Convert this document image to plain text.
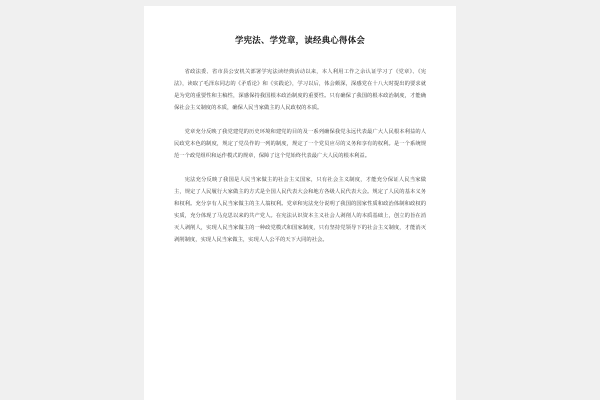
学宪法、学党章，读经典心得体会

省政法委、省市县公安机关部署学宪法读经典活动以来，本人利用工作之余认证学习了《党章》、《宪法》，读取了毛泽东同志的《矛盾论》和《实践论》，学习以后，体会颇深，深感党在十八大时提出的要求就是为党的重要性和主稿性，深感保持我国根本政治制度的重要性。只有确保了我国的根本政治制度，才能确保社会主义制度的本质，确保人民当家做主的人民政权的本质。

党章充分反映了我党建党的历史环境和建党的目的及一系列确保我党永远代表最广大人民根本利益的人民政党本色的制度，规定了党员作的一列的制度，规定了一个党员应尽的义务和享有的权利。是一个系统规范一个政党组织和运作模式的规章，保障了这个党始终代表最广大人民的根本利益。

宪法充分反映了我国是人民当家做主的社会主义国家，只有社会主义制度，才能充分保证人民当家做主，规定了人民履行大家做主的方式是全国人民代表大会和地方各级人民代表大会。规定了人民的基本义务和权利。充分享有人民当家做主的主人翁权利。党章和宪法充分说明了我国的国家性质和政治体制和政权的实质，充分体现了马克思以来的共产党人。在宪法认识资本主义社会人剥削人的本质基础上，创立的旨在消灭人剥削人，实现人民当家做主的一种政党模式和国家制度，只有坚持党领导下的社会主义制度，才能消灭剥削制度，实现人民当家做主，实现人人公平的天下大同的社会。
